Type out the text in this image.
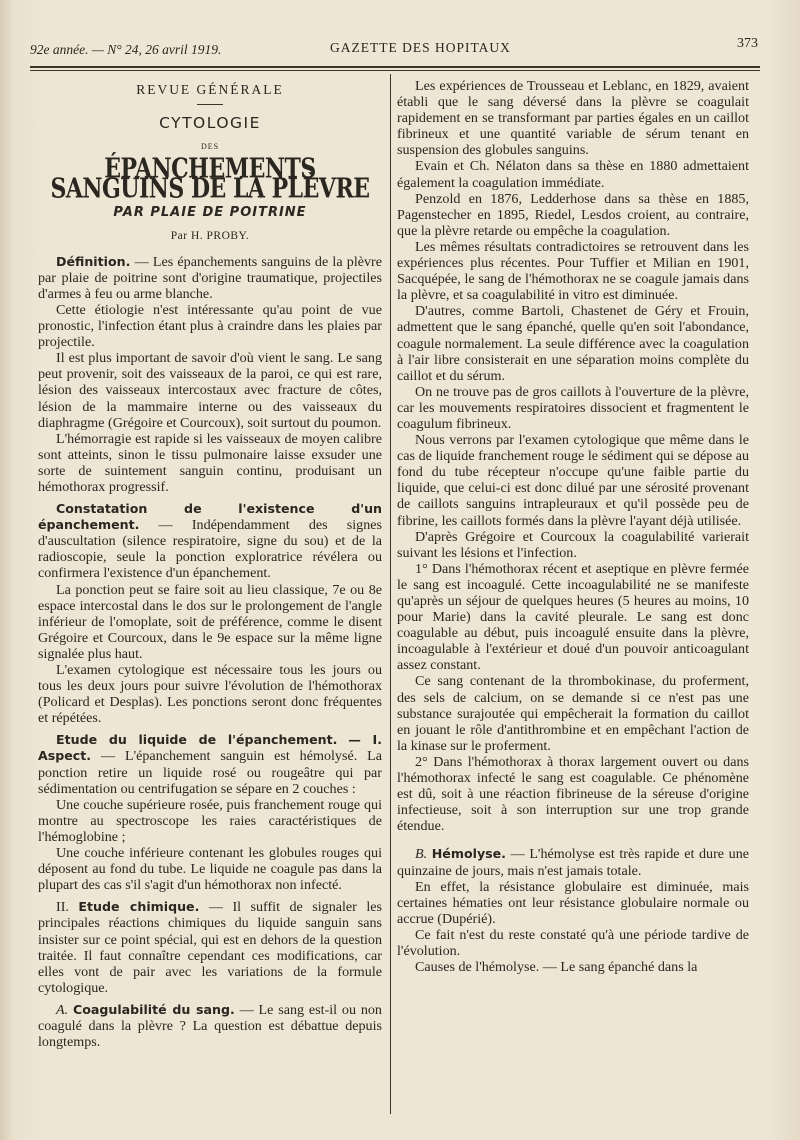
92e année. — N° 24, 26 avril 1919.	GAZETTE DES HOPITAUX	373
REVUE GÉNÉRALE
CYTOLOGIE
DES
ÉPANCHEMENTS SANGUINS DE LA PLÈVRE
PAR PLAIE DE POITRINE
Par H. PROBY.

Définition. — Les épanchements sanguins de la plèvre par plaie de poitrine sont d'origine traumatique, projectiles d'armes à feu ou arme blanche.

Cette étiologie n'est intéressante qu'au point de vue pronostic, l'infection étant plus à craindre dans les plaies par projectile.

Il est plus important de savoir d'où vient le sang. Le sang peut provenir, soit des vaisseaux de la paroi, ce qui est rare, lésion des vaisseaux intercostaux avec fracture de côtes, lésion de la mammaire interne ou des vaisseaux du diaphragme (Grégoire et Courcoux), soit surtout du poumon.

L'hémorragie est rapide si les vaisseaux de moyen calibre sont atteints, sinon le tissu pulmonaire laisse exsuder une sorte de suintement sanguin continu, produisant un hémothorax progressif.

Constatation de l'existence d'un épanchement. — Indépendamment des signes d'auscultation (silence respiratoire, signe du sou) et de la radioscopie, seule la ponction exploratrice révélera ou confirmera l'existence d'un épanchement.

La ponction peut se faire soit au lieu classique, 7e ou 8e espace intercostal dans le dos sur le prolongement de l'angle inférieur de l'omoplate, soit de préférence, comme le disent Grégoire et Courcoux, dans le 9e espace sur la même ligne signalée plus haut.

L'examen cytologique est nécessaire tous les jours ou tous les deux jours pour suivre l'évolution de l'hémothorax (Policard et Desplas). Les ponctions seront donc fréquentes et répétées.

Etude du liquide de l'épanchement. — I. Aspect. — L'épanchement sanguin est hémolysé. La ponction retire un liquide rosé ou rougeâtre qui par sédimentation ou centrifugation se sépare en 2 couches :

Une couche supérieure rosée, puis franchement rouge qui montre au spectroscope les raies caractéristiques de l'hémoglobine ;

Une couche inférieure contenant les globules rouges qui déposent au fond du tube. Le liquide ne coagule pas dans la plupart des cas s'il s'agit d'un hémothorax non infecté.

II. Etude chimique. — Il suffit de signaler les principales réactions chimiques du liquide sanguin sans insister sur ce point spécial, qui est en dehors de la question traitée. Il faut connaître cependant ces modifications, car elles vont de pair avec les variations de la formule cytologique.

A. Coagulabilité du sang. — Le sang est-il ou non coagulé dans la plèvre ? La question est débattue depuis longtemps.

Les expériences de Trousseau et Leblanc, en 1829, avaient établi que le sang déversé dans la plèvre se coagulait rapidement en se transformant par parties égales en un caillot fibrineux et une quantité variable de sérum tenant en suspension des globules sanguins.

Evain et Ch. Nélaton dans sa thèse en 1880 admettaient également la coagulation immédiate.

Penzold en 1876, Ledderhose dans sa thèse en 1885, Pagenstecher en 1895, Riedel, Lesdos croient, au contraire, que la plèvre retarde ou empêche la coagulation.

Les mêmes résultats contradictoires se retrouvent dans les expériences plus récentes. Pour Tuffier et Milian en 1901, Sacquépée, le sang de l'hémothorax ne se coagule jamais dans la plèvre, et sa coagulabilité in vitro est diminuée.

D'autres, comme Bartoli, Chastenet de Géry et Frouin, admettent que le sang épanché, quelle qu'en soit l'abondance, coagule normalement. La seule différence avec la coagulation à l'air libre consisterait en une séparation moins complète du caillot et du sérum.

On ne trouve pas de gros caillots à l'ouverture de la plèvre, car les mouvements respiratoires dissocient et fragmentent le coagulum fibrineux.

Nous verrons par l'examen cytologique que même dans le cas de liquide franchement rouge le sédiment qui se dépose au fond du tube récepteur n'occupe qu'une faible partie du liquide, que celui-ci est donc dilué par une sérosité provenant de caillots sanguins intrapleuraux et qu'il possède peu de fibrine, les caillots formés dans la plèvre l'ayant déjà utilisée.

D'après Grégoire et Courcoux la coagulabilité varierait suivant les lésions et l'infection.

1° Dans l'hémothorax récent et aseptique en plèvre fermée le sang est incoagulé. Cette incoagulabilité ne se manifeste qu'après un séjour de quelques heures (5 heures au moins, 10 pour Marie) dans la cavité pleurale. Le sang est donc coagulable au début, puis incoagulé ensuite dans la plèvre, incoagulable à l'extérieur et doué d'un pouvoir anticoagulant assez constant.

Ce sang contenant de la thrombokinase, du proferment, des sels de calcium, on se demande si ce n'est pas une substance surajoutée qui empêcherait la formation du caillot en jouant le rôle d'antithrombine et en empêchant l'action de la kinase sur le proferment.

2° Dans l'hémothorax à thorax largement ouvert ou dans l'hémothorax infecté le sang est coagulable. Ce phénomène est dû, soit à une réaction fibrineuse de la séreuse d'origine infectieuse, soit à son interruption sur une trop grande étendue.

B. Hémolyse. — L'hémolyse est très rapide et dure une quinzaine de jours, mais n'est jamais totale.

En effet, la résistance globulaire est diminuée, mais certaines hématies ont leur résistance globulaire normale ou accrue (Dupérié).

Ce fait n'est du reste constaté qu'à une période tardive de l'évolution.

Causes de l'hémolyse. — Le sang épanché dans la
